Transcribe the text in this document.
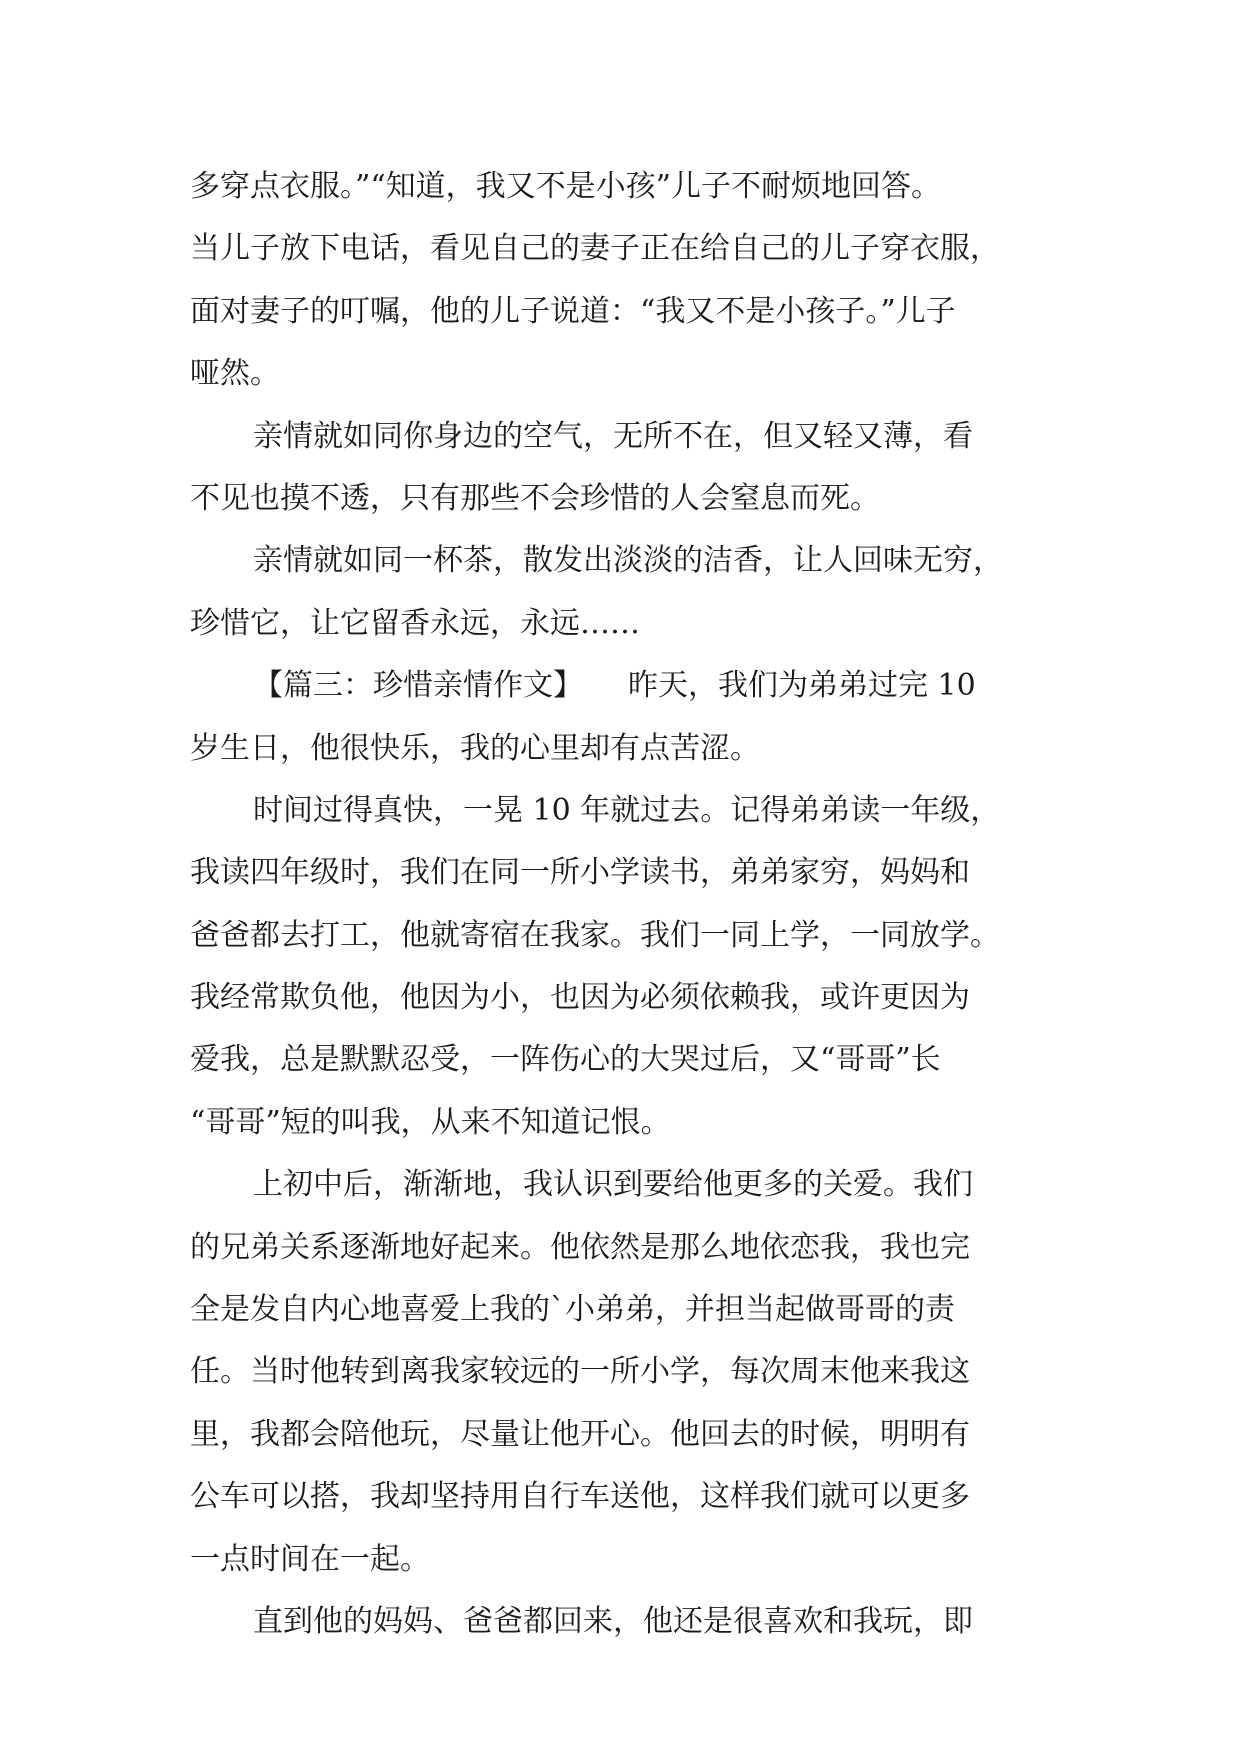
多穿点衣服。”“知道，我又不是小孩”儿子不耐烦地回答。
当儿子放下电话，看见自己的妻子正在给自己的儿子穿衣服，
面对妻子的叮嘱，他的儿子说道：“我又不是小孩子。”儿子
哑然。
亲情就如同你身边的空气，无所不在，但又轻又薄，看
不见也摸不透，只有那些不会珍惜的人会窒息而死。
亲情就如同一杯茶，散发出淡淡的洁香，让人回味无穷，
珍惜它，让它留香永远，永远……
【篇三：珍惜亲情作文】　　昨天，我们为弟弟过完 10
岁生日，他很快乐，我的心里却有点苦涩。
时间过得真快，一晃 10 年就过去。记得弟弟读一年级，
我读四年级时，我们在同一所小学读书，弟弟家穷，妈妈和
爸爸都去打工，他就寄宿在我家。我们一同上学，一同放学。
我经常欺负他，他因为小，也因为必须依赖我，或许更因为
爱我，总是默默忍受，一阵伤心的大哭过后，又“哥哥”长
“哥哥”短的叫我，从来不知道记恨。
上初中后，渐渐地，我认识到要给他更多的关爱。我们
的兄弟关系逐渐地好起来。他依然是那么地依恋我，我也完
全是发自内心地喜爱上我的`小弟弟，并担当起做哥哥的责
任。当时他转到离我家较远的一所小学，每次周末他来我这
里，我都会陪他玩，尽量让他开心。他回去的时候，明明有
公车可以搭，我却坚持用自行车送他，这样我们就可以更多
一点时间在一起。
直到他的妈妈、爸爸都回来，他还是很喜欢和我玩，即
